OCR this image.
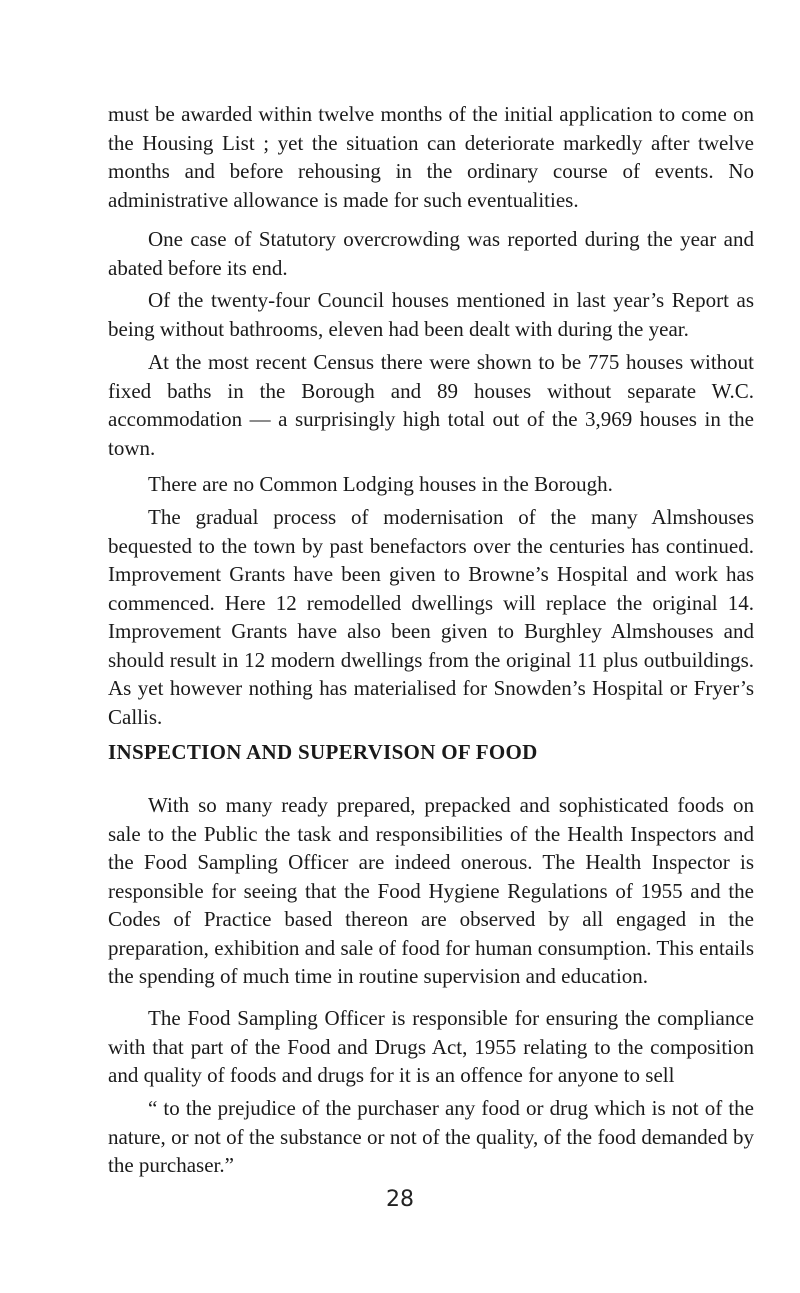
must be awarded within twelve months of the initial application to come on the Housing List ; yet the situation can deteriorate markedly after twelve months and before rehousing in the ordinary course of events. No administrative allowance is made for such eventualities.

One case of Statutory overcrowding was reported during the year and abated before its end.

Of the twenty-four Council houses mentioned in last year’s Report as being without bathrooms, eleven had been dealt with during the year.

At the most recent Census there were shown to be 775 houses without fixed baths in the Borough and 89 houses without separate W.C. accommodation — a surprisingly high total out of the 3,969 houses in the town.

There are no Common Lodging houses in the Borough.

The gradual process of modernisation of the many Almshouses bequested to the town by past benefactors over the centuries has continued. Improvement Grants have been given to Browne’s Hospital and work has commenced. Here 12 remodelled dwellings will replace the original 14. Improvement Grants have also been given to Burghley Almshouses and should result in 12 modern dwellings from the original 11 plus outbuildings. As yet however nothing has materialised for Snowden’s Hospital or Fryer’s Callis.

INSPECTION AND SUPERVISON OF FOOD

With so many ready prepared, prepacked and sophisticated foods on sale to the Public the task and responsibilities of the Health Inspectors and the Food Sampling Officer are indeed onerous. The Health Inspector is responsible for seeing that the Food Hygiene Regulations of 1955 and the Codes of Practice based thereon are observed by all engaged in the preparation, exhibition and sale of food for human consumption. This entails the spending of much time in routine supervision and education.

The Food Sampling Officer is responsible for ensuring the compliance with that part of the Food and Drugs Act, 1955 relating to the composition and quality of foods and drugs for it is an offence for anyone to sell

“ to the prejudice of the purchaser any food or drug which is not of the nature, or not of the substance or not of the quality, of the food demanded by the purchaser.”

28
